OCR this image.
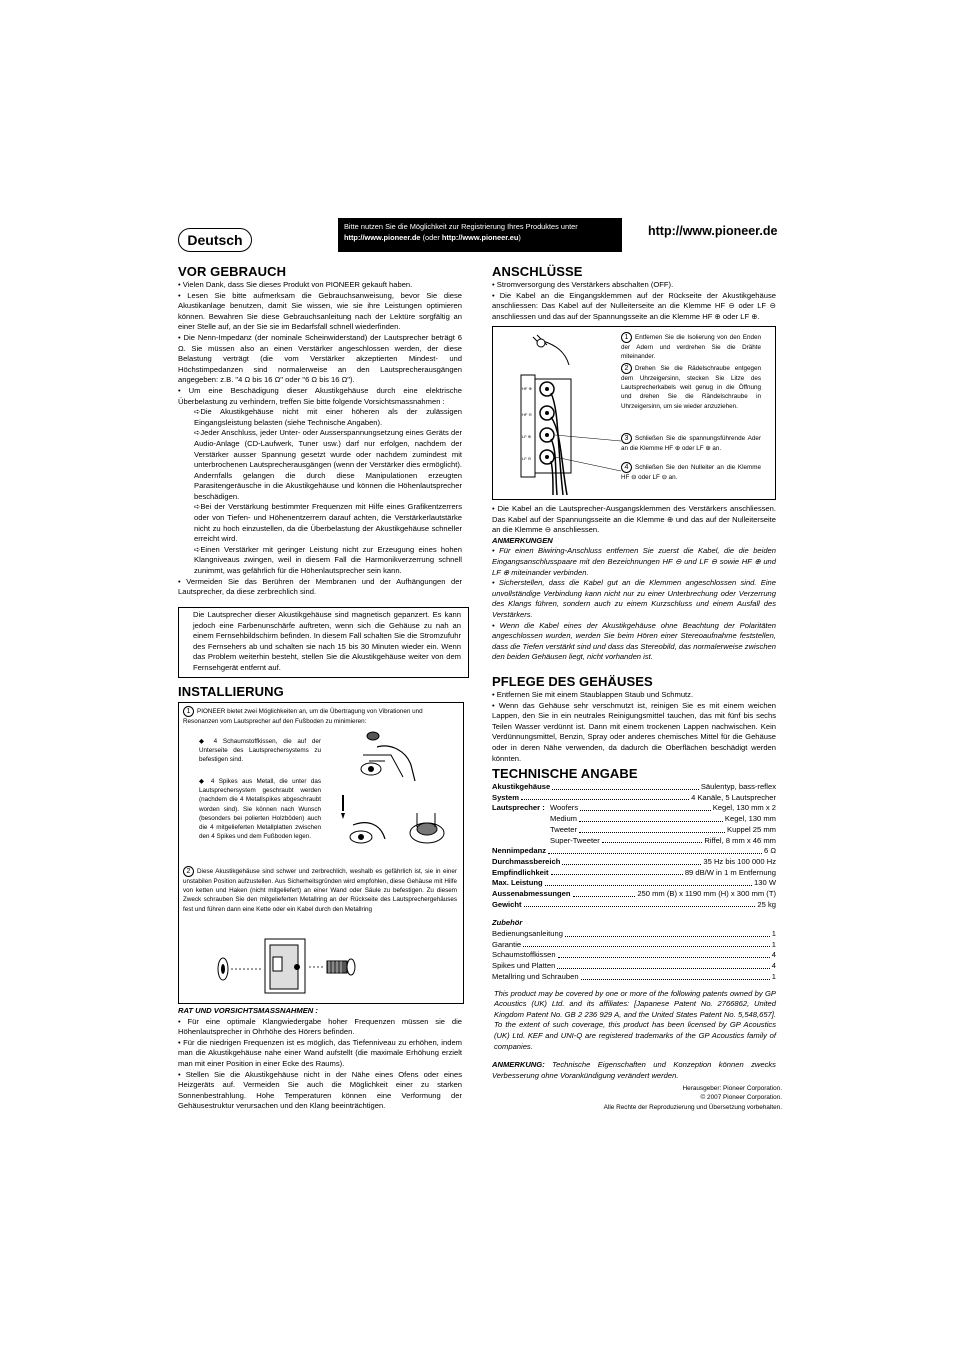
Deutsch
Bitte nutzen Sie die Möglichkeit zur Registrierung Ihres Produktes unter
http://www.pioneer.de (oder http://www.pioneer.eu)	http://www.pioneer.de
VOR GEBRAUCH

• Vielen Dank, dass Sie dieses Produkt von PIONEER gekauft haben.

• Lesen Sie bitte aufmerksam die Gebrauchsanweisung, bevor Sie diese Akustikanlage benutzen, damit Sie wissen, wie sie ihre Leistungen optimieren können. Bewahren Sie diese Gebrauchsanleitung nach der Lektüre sorgfältig an einer Stelle auf, an der Sie sie im Bedarfsfall schnell wiederfinden.

• Die Nenn-Impedanz (der nominale Scheinwiderstand) der Lautsprecher beträgt 6 Ω. Sie müssen also an einen Verstärker angeschlossen werden, der diese Belastung verträgt (die vom Verstärker akzeptierten Mindest- und Höchstimpedanzen sind normalerweise an den Lautsprecherausgängen angegeben: z.B. "4 Ω bis 16 Ω" oder "6 Ω bis 16 Ω").

• Um eine Beschädigung dieser Akustikgehäuse durch eine elektrische Überbelastung zu verhindern, treffen Sie bitte folgende Vorsichtsmassnahmen :

➪Die Akustikgehäuse nicht mit einer höheren als der zulässigen Eingangsleistung belasten (siehe Technische Angaben).

➪Jeder Anschluss, jeder Unter- oder Ausserspannungsetzung eines Geräts der Audio-Anlage (CD-Laufwerk, Tuner usw.) darf nur erfolgen, nachdem der Verstärker ausser Spannung gesetzt wurde oder nachdem zumindest mit unterbrochenen Lautsprecherausgängen (wenn der Verstärker dies ermöglicht). Andernfalls gelangen die durch diese Manipulationen erzeugten Parasitengeräusche in die Akustikgehäuse und können die Höhenlautsprecher beschädigen.

➪Bei der Verstärkung bestimmter Frequenzen mit Hilfe eines Grafikentzerrers oder von Tiefen- und Höhenentzerrern darauf achten, die Verstärkerlautstärke nicht zu hoch einzustellen, da die Überbelastung der Akustikgehäuse schneller erreicht wird.

➪Einen Verstärker mit geringer Leistung nicht zur Erzeugung eines hohen Klangniveaus zwingen, weil in diesem Fall die Harmonikverzerrung schnell zunimmt, was gefährlich für die Höhenlautsprecher sein kann.

• Vermeiden Sie das Berühren der Membranen und der Aufhängungen der Lautsprecher, da diese zerbrechlich sind.

Die Lautsprecher dieser Akustikgehäuse sind magnetisch gepanzert. Es kann jedoch eine Farbenunschärfe auftreten, wenn sich die Gehäuse zu nah an einem Fernsehbildschirm befinden. In diesem Fall schalten Sie die Stromzufuhr des Fernsehers ab und schalten sie nach 15 bis 30 Minuten wieder ein. Wenn das Problem weiterhin besteht, stellen Sie die Akustikgehäuse weiter von dem Fernsehgerät entfernt auf.
INSTALLIERUNG
1 PIONEER bietet zwei Möglichkeiten an, um die Übertragung von Vibrationen und Resonanzen vom Lautsprecher auf den Fußboden zu minimieren:
◆ 4 Schaumstoffkissen, die auf der Unterseite des Lautsprechersystems zu befestigen sind.
◆ 4 Spikes aus Metall, die unter das Lautsprechersystem geschraubt werden (nachdem die 4 Metallspikes abgeschraubt worden sind). Sie können nach Wunsch (besonders bei polierten Holzböden) auch die 4 mitgelieferten Metallplatten zwischen den 4 Spikes und dem Fußboden legen.
2 Diese Akustikgehäuse sind schwer und zerbrechlich, weshalb es gefährlich ist, sie in einer unstabilen Position aufzustellen. Aus Sicherheitsgründen wird empfohlen, diese Gehäuse mit Hilfe von ketten und Haken (nicht mitgeliefert) an einer Wand oder Säule zu befestigen. Zu diesem Zweck schrauben Sie den mitgelieferten Metallring an der Rückseite des Lautsprechergehäuses fest und führen dann eine Kette oder ein Kabel durch den Metallring

RAT UND VORSICHTSMASSNAHMEN :

• Für eine optimale Klangwiedergabe hoher Frequenzen müssen sie die Höhenlautsprecher in Ohrhöhe des Hörers befinden.

• Für die niedrigen Frequenzen ist es möglich, das Tiefenniveau zu erhöhen, indem man die Akustikgehäuse nahe einer Wand aufstellt (die maximale Erhöhung erzielt man mit einer Position in einer Ecke des Raums).

• Stellen Sie die Akustikgehäuse nicht in der Nähe eines Ofens oder eines Heizgeräts auf. Vermeiden Sie auch die Möglichkeit einer zu starken Sonnenbestrahlung. Hohe Temperaturen können eine Verformung der Gehäusestruktur verursachen und den Klang beeinträchtigen.

ANSCHLÜSSE

• Stromversorgung des Verstärkers abschalten (OFF).

• Die Kabel an die Eingangsklemmen auf der Rückseite der Akustikgehäuse anschliessen: Das Kabel auf der Nulleiterseite an die Klemme HF ⊖ oder LF ⊖ anschliessen und das auf der Spannungsseite an die Klemme HF ⊕ oder LF ⊕.

HF ⊕
HF ⊖
LF ⊕
LF ⊖
1 Entfernen Sie die Isolierung von den Enden der Adern und verdrehen Sie die Drähte miteinander.
2 Drehen Sie die Rädelschraube entgegen dem Uhrzeigersinn, stecken Sie Litze des Lautsprecherkabels weit genug in die Öffnung und drehen Sie die Rändelschraube in Uhrzeigersinn, um sie wieder anzuziehen.
3 Schließen Sie die spannungsführende Ader an die Klemme HF ⊕ oder LF ⊕ an.
4 Schließen Sie den Nulleiter an die Klemme HF ⊖ oder LF ⊖ an.

• Die Kabel an die Lautsprecher-Ausgangsklemmen des Verstärkers anschliessen. Das Kabel auf der Spannungsseite an die Klemme ⊕ und das auf der Nulleiterseite an die Klemme ⊖ anschliessen.

ANMERKUNGEN

• Für einen Biwiring-Anschluss entfernen Sie zuerst die Kabel, die die beiden Eingangsanschlusspaare mit den Bezeichnungen HF ⊖ und LF ⊖ sowie HF ⊕ und LF ⊕ miteinander verbinden.

• Sicherstellen, dass die Kabel gut an die Klemmen angeschlossen sind. Eine unvollständige Verbindung kann nicht nur zu einer Unterbrechung oder Verzerrung des Klangs führen, sondern auch zu einem Kurzschluss und einem Ausfall des Verstärkers.

• Wenn die Kabel eines der Akustikgehäuse ohne Beachtung der Polaritäten angeschlossen wurden, werden Sie beim Hören einer Stereoaufnahme feststellen, dass die Tiefen verstärkt sind und dass das Stereobild, das normalerweise zwischen den beiden Gehäusen liegt, nicht vorhanden ist.

PFLEGE DES GEHÄUSES

• Entfernen Sie mit einem Staublappen Staub und Schmutz.

• Wenn das Gehäuse sehr verschmutzt ist, reinigen Sie es mit einem weichen Lappen, den Sie in ein neutrales Reinigungsmittel tauchen, das mit fünf bis sechs Teilen Wasser verdünnt ist. Dann mit einem trockenen Lappen nachwischen. Kein Verdünnungsmittel, Benzin, Spray oder anderes chemisches Mittel für die Gehäuse oder in deren Nähe verwenden, da dadurch die Oberflächen beschädigt werden könnten.

TECHNISCHE ANGABE
Akustikgehäuse	Säulentyp, bass-reflex
System	4 Kanäle, 5 Lautsprecher
Lautsprecher : Woofers	Kegel, 130 mm x 2
Medium	Kegel, 130 mm
Tweeter	Kuppel 25 mm
Super-Tweeter	Riffel, 8 mm x 46 mm
Nennimpedanz	6 Ω
Durchmassbereich	35 Hz bis 100 000 Hz
Empfindlichkeit	89 dB/W in 1 m Entfernung
Max. Leistung	130 W
Aussenabmessungen	250 mm (B) x 1190 mm (H) x 300 mm (T)
Gewicht	25 kg
Zubehör
Bedienungsanleitung	1
Garantie	1
Schaumstoffkissen	4
Spikes und Platten	4
Metallring und Schrauben	1
This product may be covered by one or more of the following patents owned by GP Acoustics (UK) Ltd. and its affiliates: [Japanese Patent No. 2766862, United Kingdom Patent No. GB 2 236 929 A, and the United States Patent No. 5,548,657]. To the extent of such coverage, this product has been licensed by GP Acoustics (UK) Ltd. KEF and UNI-Q are registered trademarks of the GP Acoustics family of companies.
ANMERKUNG: Technische Eigenschaften und Konzeption können zwecks Verbesserung ohne Vorankündigung verändert werden.
Herausgeber: Pioneer Corporation.
© 2007 Pioneer Corporation.
Alle Rechte der Reproduzierung und Übersetzung vorbehalten.
